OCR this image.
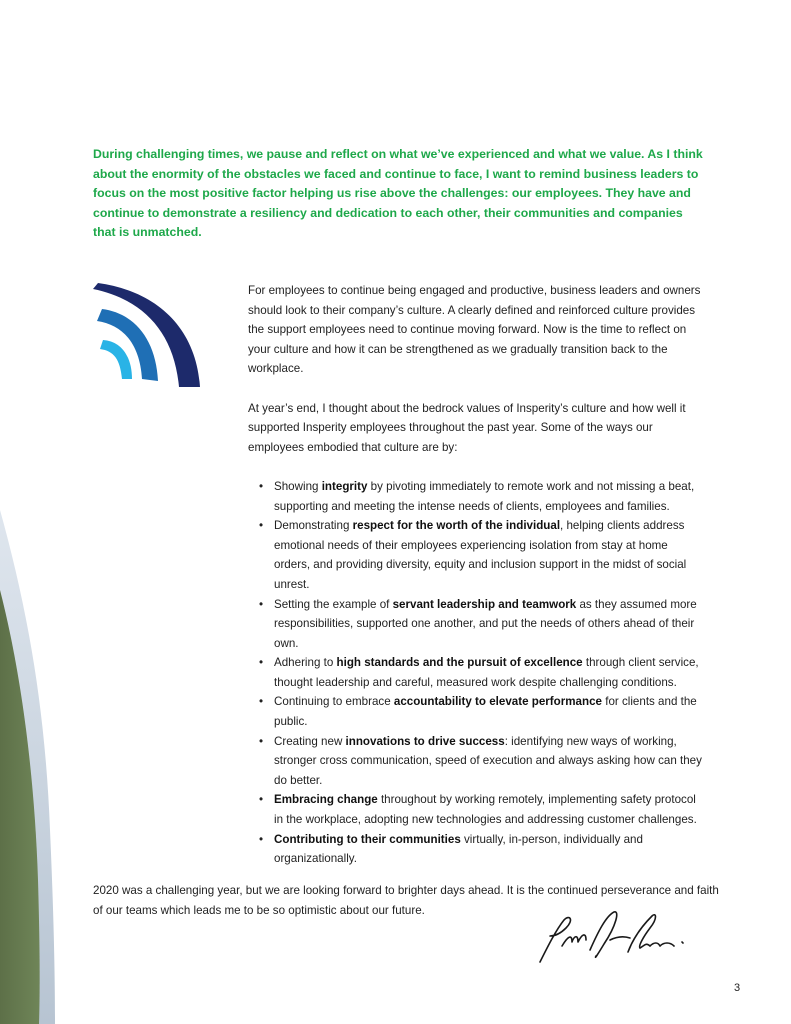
During challenging times, we pause and reflect on what we’ve experienced and what we value. As I think about the enormity of the obstacles we faced and continue to face, I want to remind business leaders to focus on the most positive factor helping us rise above the challenges: our employees. They have and continue to demonstrate a resiliency and dedication to each other, their communities and companies that is unmatched.

For employees to continue being engaged and productive, business leaders and owners should look to their company’s culture. A clearly defined and reinforced culture provides the support employees need to continue moving forward. Now is the time to reflect on your culture and how it can be strengthened as we gradually transition back to the workplace.

At year’s end, I thought about the bedrock values of Insperity’s culture and how well it supported Insperity employees throughout the past year. Some of the ways our employees embodied that culture are by:

• Showing integrity by pivoting immediately to remote work and not missing a beat, supporting and meeting the intense needs of clients, employees and families.
• Demonstrating respect for the worth of the individual, helping clients address emotional needs of their employees experiencing isolation from stay at home orders, and providing diversity, equity and inclusion support in the midst of social unrest.
• Setting the example of servant leadership and teamwork as they assumed more responsibilities, supported one another, and put the needs of others ahead of their own.
• Adhering to high standards and the pursuit of excellence through client service, thought leadership and careful, measured work despite challenging conditions.
• Continuing to embrace accountability to elevate performance for clients and the public.
• Creating new innovations to drive success: identifying new ways of working, stronger cross communication, speed of execution and always asking how can they do better.
• Embracing change throughout by working remotely, implementing safety protocol in the workplace, adopting new technologies and addressing customer challenges.
• Contributing to their communities virtually, in-person, individually and organizationally.

2020 was a challenging year, but we are looking forward to brighter days ahead. It is the continued perseverance and faith of our teams which leads me to be so optimistic about our future.

3
